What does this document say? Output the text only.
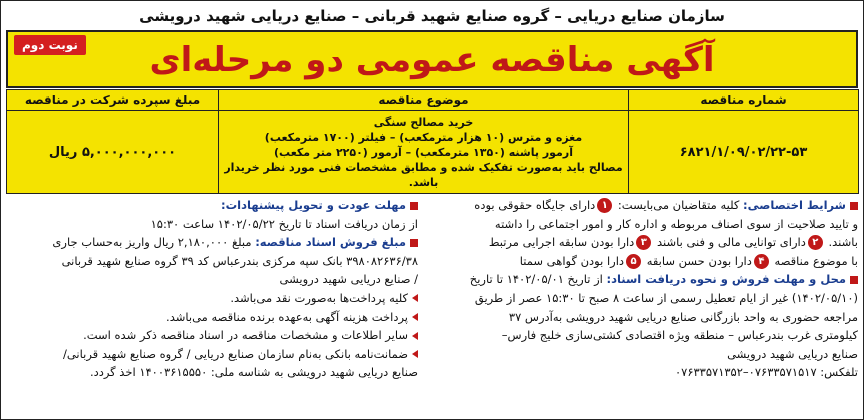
سازمان صنایع دریایی – گروه صنایع شهید قربانی – صنایع دریایی شهید درویشی
آگهی مناقصه عمومی دو مرحله‌ای
نوبت دوم
شماره مناقصه	موضوع مناقصه	مبلغ سپرده شرکت در مناقصه
۶۸۲۱/۱/۰۹/۰۲/۲۲-۵۳	خرید مصالح سنگی
مغزه و مترس (۱۰ هزار مترمکعب) – فیلتر (۱۷۰۰ مترمکعب)
آرمور پاشنه (۱۳۵۰ مترمکعب) – آرمور (۲۲۵۰ متر مکعب)
مصالح باید به‌صورت تفکیک شده و مطابق مشخصات فنی مورد نظر خریدار باشد.	۵,۰۰۰,۰۰۰,۰۰۰ ریال
شرایط اختصاصی: کلیه متقاضیان می‌بایست: ۱دارای جایگاه حقوقی بوده
و تایید صلاحیت از سوی اصناف مربوطه و اداره کار و امور اجتماعی را داشته
باشند. ۲دارای توانایی مالی و فنی باشند ۳دارا بودن سابقه اجرایی مرتبط
با موضوع مناقصه ۴دارا بودن حسن سابقه ۵دارا بودن گواهی سمتا
محل و مهلت فروش و نحوه دریافت اسناد: از تاریخ ۱۴۰۲/۰۵/۰۱ تا تاریخ
(۱۴۰۲/۰۵/۱۰) غیر از ایام تعطیل رسمی از ساعت ۸ صبح تا ۱۵:۳۰ عصر از طریق
مراجعه حضوری به واحد بازرگانی صنایع دریایی شهید درویشی به‌آدرس ۳۷
کیلومتری غرب بندرعباس – منطقه ویژه اقتصادی کشتی‌سازی خلیج فارس–
صنایع دریایی شهید درویشی
تلفکس: ۰۷۶۳۳۵۷۱۵۱۷–۰۷۶۳۳۵۷۱۳۵۲
مهلت عودت و تحویل پیشنهادات:
از زمان دریافت اسناد تا تاریخ ۱۴۰۲/۰۵/۲۲ ساعت ۱۵:۳۰
مبلغ فروش اسناد مناقصه: مبلغ ۲,۱۸۰,۰۰۰ ریال واریز به‌حساب جاری
۳۹۸۰۸۲۶۳۶/۳۸ بانک سپه مرکزی بندرعباس کد ۳۹ گروه صنایع شهید قربانی
/ صنایع دریایی شهید درویشی
کلیه پرداخت‌ها به‌صورت نقد می‌باشد.
پرداخت هزینه آگهی به‌عهده برنده مناقصه می‌باشد.
سایر اطلاعات و مشخصات مناقصه در اسناد مناقصه ذکر شده است.
ضمانت‌نامه بانکی به‌نام سازمان صنایع دریایی / گروه صنایع شهید قربانی/
صنایع دریایی شهید درویشی به شناسه ملی: ۱۴۰۰۳۶۱۵۵۵۰ اخذ گردد.
